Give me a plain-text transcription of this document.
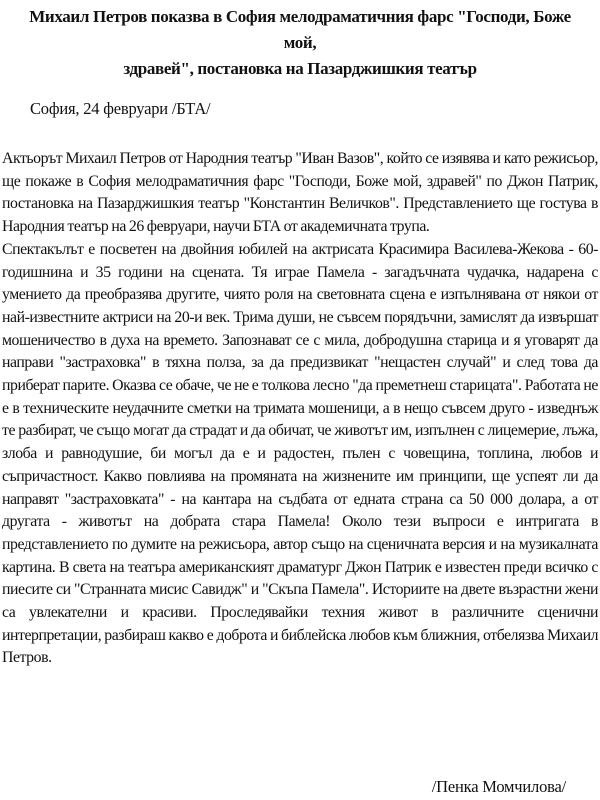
Михаил Петров показва в София мелодраматичния фарс "Господи, Боже мой,
здравей", постановка на Пазарджишкия театър

София, 24 февруари /БТА/

Актьорът Михаил Петров от Народния театър "Иван Вазов", който се изявява и като режисьор, ще покаже в София мелодраматичния фарс "Господи, Боже мой, здравей" по Джон Патрик, постановка на Пазарджишкия театър "Константин Величков". Представлението ще гостува в Народния театър на 26 февруари, научи БТА от академичната трупа.

Спектакълът е посветен на двойния юбилей на актрисата Красимира Василева-Жекова - 60-годишнина и 35 години на сцената. Тя играе Памела - загадъчната чудачка, надарена с умението да преобразява другите, чиято роля на световната сцена е изпълнявана от някои от най-известните актриси на 20-и век. Трима души, не съвсем порядъчни, замислят да извършат мошеничество в духа на времето. Запознават се с мила, добродушна старица и я уговарят да направи "застраховка" в тяхна полза, за да предизвикат "нещастен случай" и след това да приберат парите. Оказва се обаче, че не е толкова лесно "да преметнеш старицата". Работата не е в техническите неудачните сметки на тримата мошеници, а в нещо съвсем друго - изведнъж те разбират, че също могат да страдат и да обичат, че животът им, изпълнен с лицемерие, лъжа, злоба и равнодушие, би могъл да е и радостен, пълен с човещина, топлина, любов и съпричастност. Какво повлиява на промяната на жизнените им принципи, ще успеят ли да направят "застраховката" - на кантара на съдбата от едната страна са 50 000 долара, а от другата - животът на добрата стара Памела! Около тези въпроси е интригата в представлението по думите на режисьора, автор също на сценичната версия и на музикалната картина. В света на театъра американският драматург Джон Патрик е известен преди всичко с пиесите си "Странната мисис Савидж" и "Скъпа Памела". Историите на двете възрастни жени са увлекателни и красиви. Проследявайки техния живот в различните сценични интерпретации, разбираш какво е доброта и библейска любов към ближния, отбелязва Михаил Петров.

/Пенка Момчилова/
